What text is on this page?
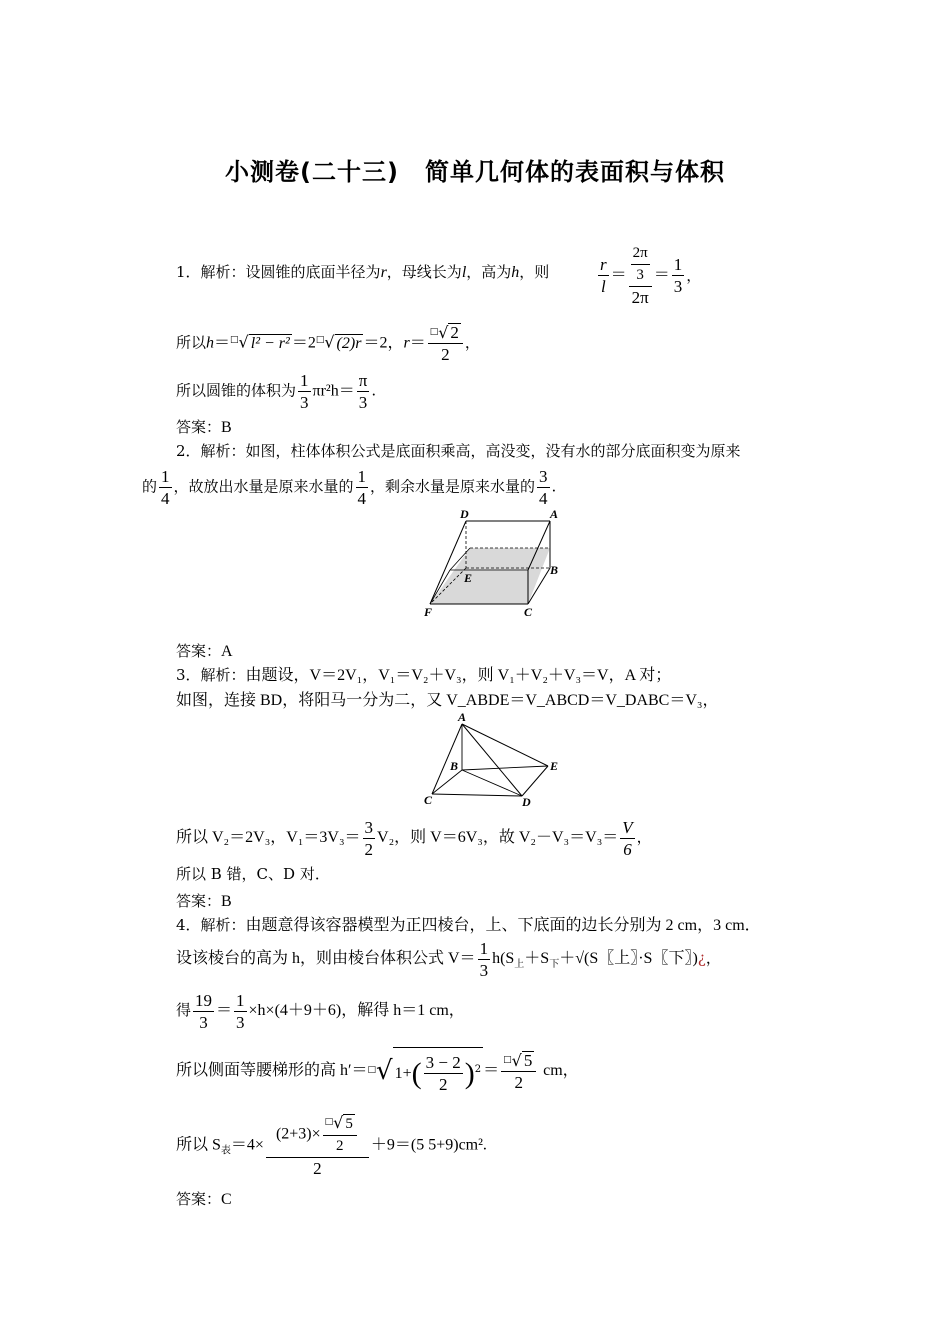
小测卷(二十三) 简单几何体的表面积与体积
1．解析：设圆锥的底面半径为r，母线长为l，高为h，则	$\frac{r}{l} = \frac{\frac{2\pi}{3}}{2\pi} = \frac{1}{3}$ ，
所以h＝□√ l² − r² ＝2□√ (2)r ＝2，$r= \frac{^□√ 2}{2}$ ，
所以圆锥的体积为 $\frac{1}{3} \pi r^2h= \frac{\pi}{3}$ .
答案：B
2．解析：如图，柱体体积公式是底面积乘高，高没变，没有水的部分底面积变为原来
的 $\frac{1}{4}$ ，故放出水量是原来水量的 $\frac{1}{4}$ ，剩余水量是原来水量的 $\frac{3}{4}$ .
D	A
E
B
F	C
答案：A
3．解析：由题设，V＝2V₁，V₁＝V₂＋V₃，则 V₁＋V₂＋V₃＝V，A 对；
如图，连接 BD，将阳马一分为二，又 V_ABDE＝V_ABCD＝V_DABC＝V₃，
A
B	E
C	D
所以 V₂＝2V₃，$V_1=3V_3= \frac{3}{2} V_2$，则 V＝6V₃，故 $V_2-V_3=V_3= \frac{V}{6}$ ，
所以 B 错，C、D 对．
答案：B
4．解析：由题意得该容器模型为正四棱台，上、下底面的边长分别为 2 cm，3 cm．
设该棱台的高为 h，则由棱台体积公式 $V= \frac{1}{3} h(S_上+S_下+√(S$〖上〗·S〖下〗)¿，
得 $\frac{19}{3} = \frac{1}{3} \times h\times(4+9+6)$，解得 h＝1 cm，
所以侧面等腰梯形的高 h′＝□√ $1+( \frac{3 - 2}{2} )^2 = \frac{^□√ 5}{2}$ cm，
所以 $S_表=4\times \frac{(2+3)\times \frac{^□√ 5}{2}}{2} +9=(5$ 5+9)cm².
答案：C
